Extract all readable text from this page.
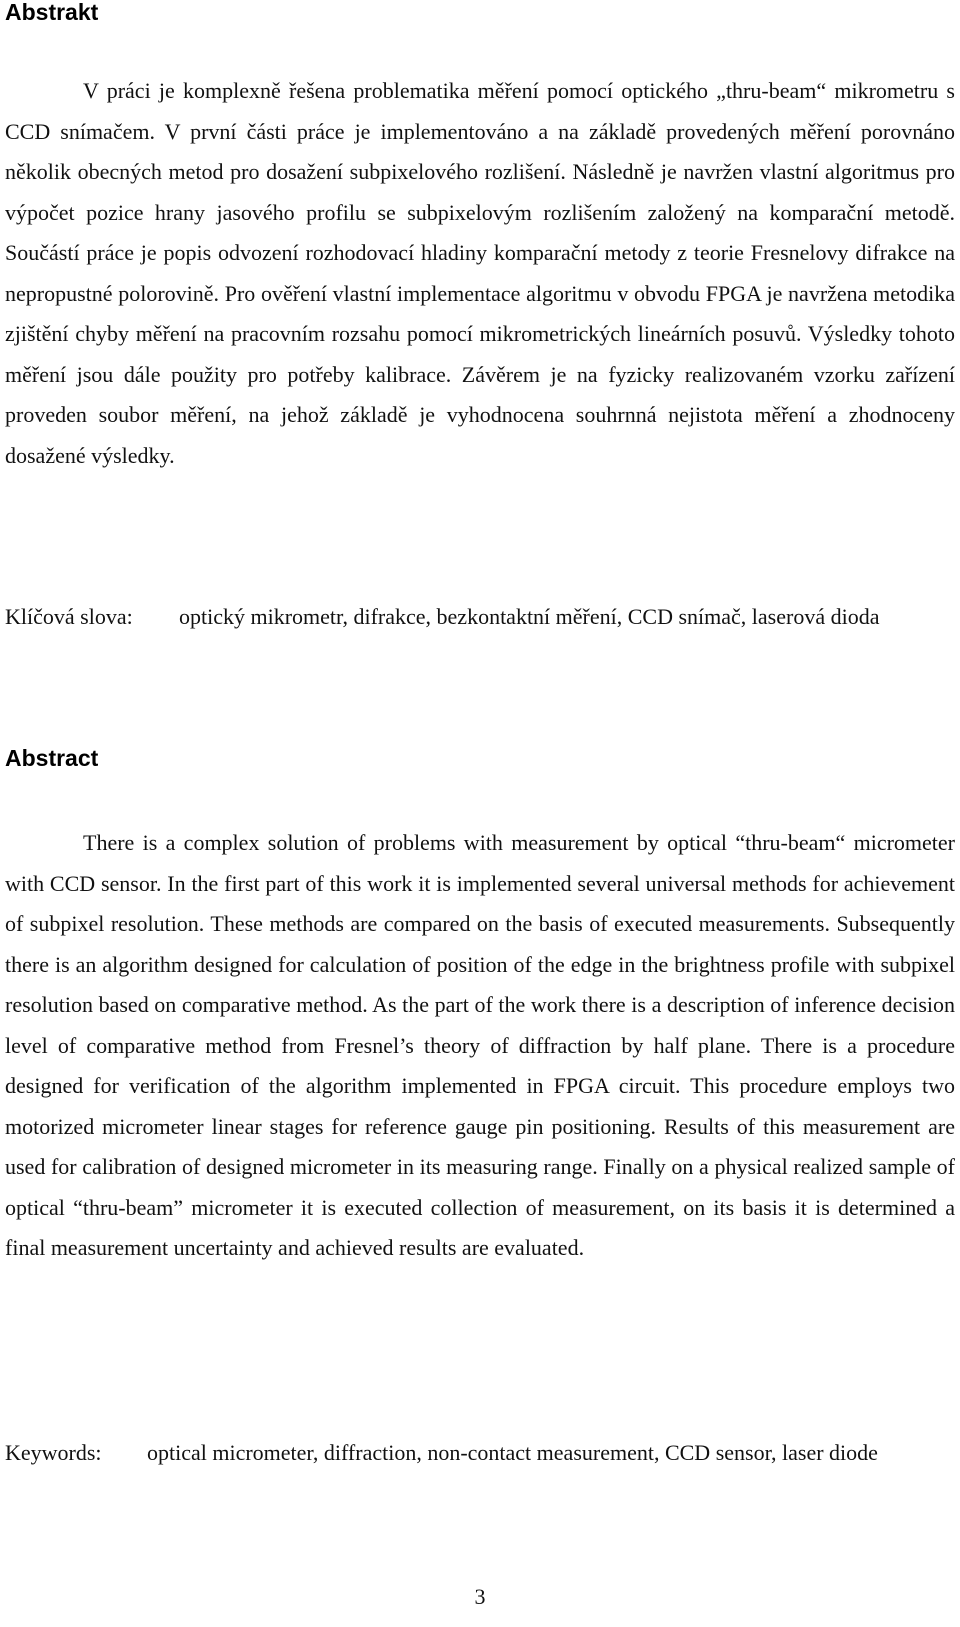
Abstrakt

V práci je komplexně řešena problematika měření pomocí optického „thru-beam“ mikrometru s CCD snímačem. V první části práce je implementováno a na základě provedených měření porovnáno několik obecných metod pro dosažení subpixelového rozlišení. Následně je navržen vlastní algoritmus pro výpočet pozice hrany jasového profilu se subpixelovým rozlišením založený na komparační metodě. Součástí práce je popis odvození rozhodovací hladiny komparační metody z teorie Fresnelovy difrakce na nepropustné polorovině. Pro ověření vlastní implementace algoritmu v obvodu FPGA je navržena metodika zjištění chyby měření na pracovním rozsahu pomocí mikrometrických lineárních posuvů. Výsledky tohoto měření jsou dále použity pro potřeby kalibrace. Závěrem je na fyzicky realizovaném vzorku zařízení proveden soubor měření, na jehož základě je vyhodnocena souhrnná nejistota měření a zhodnoceny dosažené výsledky.

Klíčová slova:	optický mikrometr, difrakce, bezkontaktní měření, CCD snímač, laserová dioda
Abstract

There is a complex solution of problems with measurement by optical “thru-beam“ micrometer with CCD sensor. In the first part of this work it is implemented several universal methods for achievement of subpixel resolution. These methods are compared on the basis of executed measurements. Subsequently there is an algorithm designed for calculation of position of the edge in the brightness profile with subpixel resolution based on comparative method. As the part of the work there is a description of inference decision level of comparative method from Fresnel’s theory of diffraction by half plane. There is a procedure designed for verification of the algorithm implemented in FPGA circuit. This procedure employs two motorized micrometer linear stages for reference gauge pin positioning. Results of this measurement are used for calibration of designed micrometer in its measuring range. Finally on a physical realized sample of optical “thru-beam” micrometer it is executed collection of measurement, on its basis it is determined a final measurement uncertainty and achieved results are evaluated.

Keywords:	optical micrometer, diffraction, non-contact measurement, CCD sensor, laser diode
3
